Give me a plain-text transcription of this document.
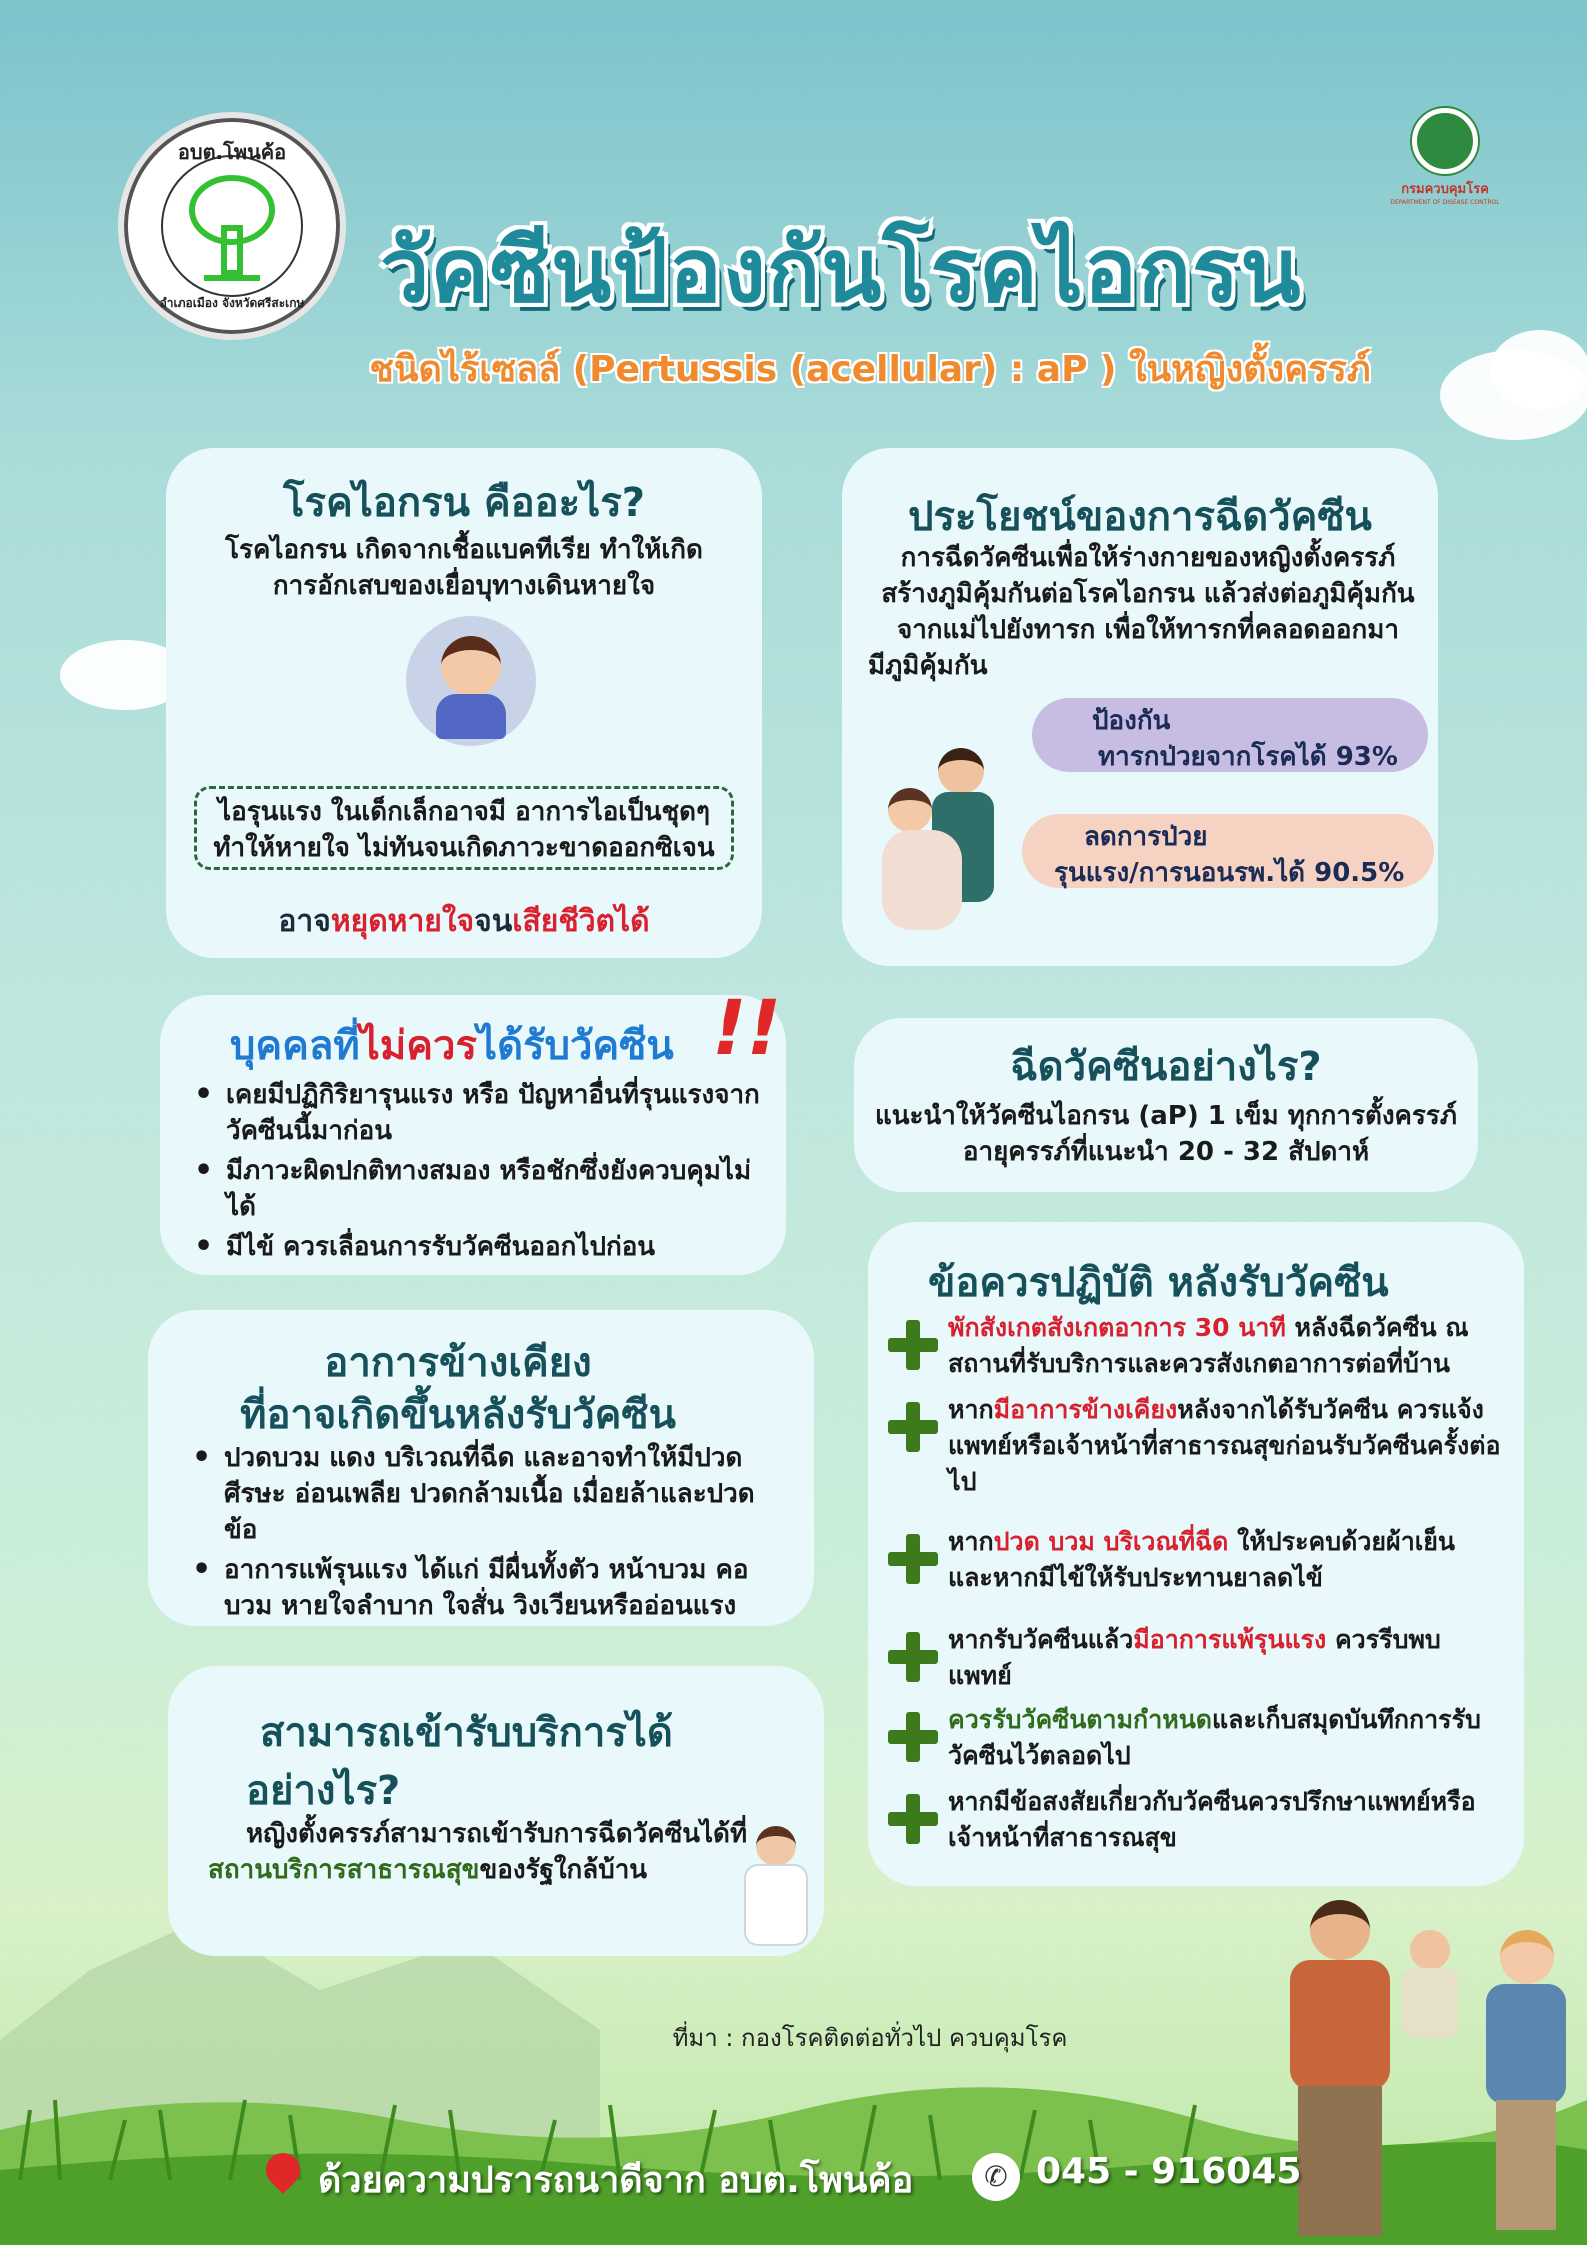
อบต.โพนค้อ
อำเภอเมือง จังหวัดศรีสะเกษ
กรมควบคุมโรค
DEPARTMENT OF DISEASE CONTROL
วัคซีนป้องกันโรคไอกรน
ชนิดไร้เซลล์ (Pertussis (acellular) : aP ) ในหญิงตั้งครรภ์
โรคไอกรน คืออะไร?
โรคไอกรน เกิดจากเชื้อแบคทีเรีย ทำให้เกิด
การอักเสบของเยื่อบุทางเดินหายใจ
ไอรุนแรง ในเด็กเล็กอาจมี อาการไอเป็นชุดๆ
ทำให้หายใจ ไม่ทันจนเกิดภาวะขาดออกซิเจน
อาจหยุดหายใจจนเสียชีวิตได้
ประโยชน์ของการฉีดวัคซีน
การฉีดวัคซีนเพื่อให้ร่างกายของหญิงตั้งครรภ์
สร้างภูมิคุ้มกันต่อโรคไอกรน แล้วส่งต่อภูมิคุ้มกัน
จากแม่ไปยังทารก เพื่อให้ทารกที่คลอดออกมา
มีภูมิคุ้มกัน
ป้องกัน
ทารกป่วยจากโรคได้ 93%
ลดการป่วย
รุนแรง/การนอนรพ.ได้ 90.5%
บุคคลที่ไม่ควรได้รับวัคซีน !!
• เคยมีปฏิกิริยารุนแรง หรือ ปัญหาอื่นที่รุนแรงจากวัคซีนนี้มาก่อน
• มีภาวะผิดปกติทางสมอง หรือชักซึ่งยังควบคุมไม่ได้
• มีไข้ ควรเลื่อนการรับวัคซีนออกไปก่อน
ฉีดวัคซีนอย่างไร?
แนะนำให้วัคซีนไอกรน (aP) 1 เข็ม ทุกการตั้งครรภ์
อายุครรภ์ที่แนะนำ 20 - 32 สัปดาห์
อาการข้างเคียง
ที่อาจเกิดขึ้นหลังรับวัคซีน
• ปวดบวม แดง บริเวณที่ฉีด และอาจทำให้มีปวดศีรษะ อ่อนเพลีย ปวดกล้ามเนื้อ เมื่อยล้าและปวดข้อ
• อาการแพ้รุนแรง ได้แก่ มีผื่นทั้งตัว หน้าบวม คอบวม หายใจลำบาก ใจสั่น วิงเวียนหรืออ่อนแรง
สามารถเข้ารับบริการได้
อย่างไร?
หญิงตั้งครรภ์สามารถเข้ารับการฉีดวัคซีนได้ที่
สถานบริการสาธารณสุขของรัฐใกล้บ้าน
ข้อควรปฏิบัติ หลังรับวัคซีน
พักสังเกตสังเกตอาการ 30 นาที หลังฉีดวัคซีน ณ สถานที่รับบริการและควรสังเกตอาการต่อที่บ้าน
หากมีอาการข้างเคียงหลังจากได้รับวัคซีน ควรแจ้งแพทย์หรือเจ้าหน้าที่สาธารณสุขก่อนรับวัคซีนครั้งต่อไป
หากปวด บวม บริเวณที่ฉีด ให้ประคบด้วยผ้าเย็น และหากมีไข้ให้รับประทานยาลดไข้
หากรับวัคซีนแล้วมีอาการแพ้รุนแรง ควรรีบพบแพทย์
ควรรับวัคซีนตามกำหนดและเก็บสมุดบันทึกการรับวัคซีนไว้ตลอดไป
หากมีข้อสงสัยเกี่ยวกับวัคซีนควรปรึกษาแพทย์หรือเจ้าหน้าที่สาธารณสุข
ที่มา : กองโรคติดต่อทั่วไป ควบคุมโรค
ด้วยความปรารถนาดีจาก อบต.โพนค้อ	✆ 045 - 916045
